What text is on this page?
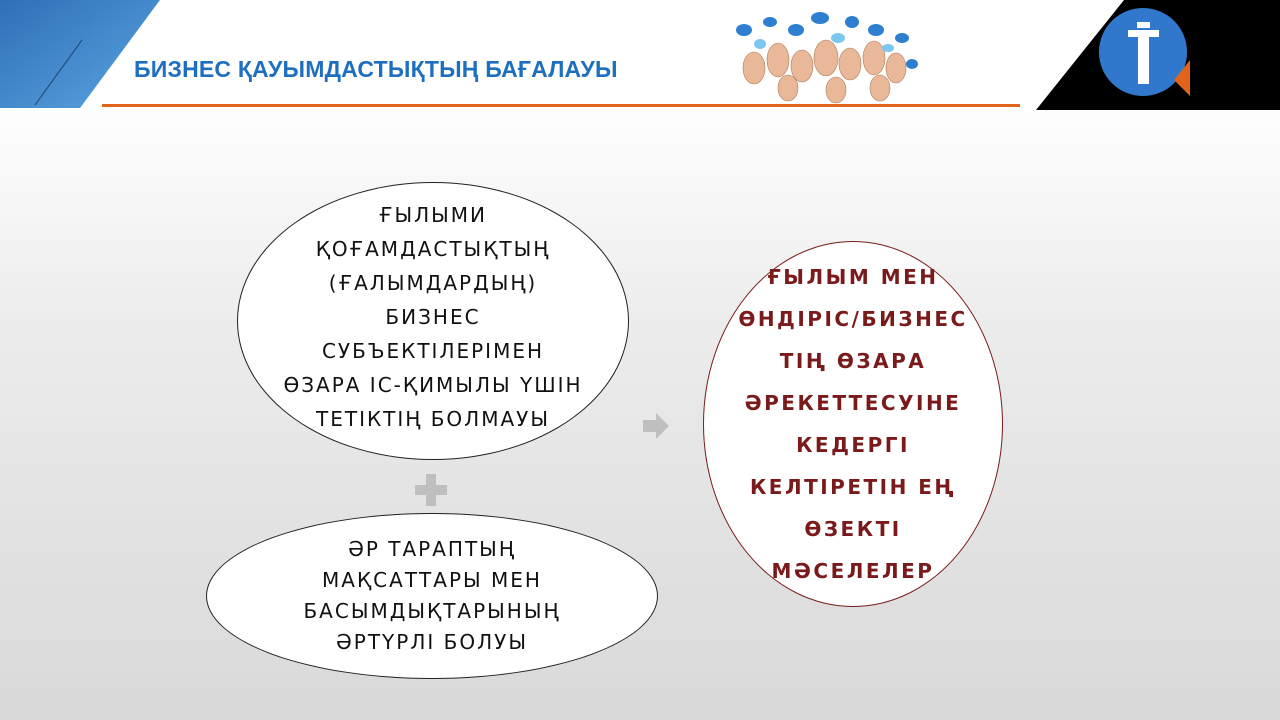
БИЗНЕС ҚАУЫМДАСТЫҚТЫҢ БАҒАЛАУЫ
ҒЫЛЫМИ ҚОҒАМДАСТЫҚТЫҢ (ҒАЛЫМДАРДЫҢ) БИЗНЕС СУБЪЕКТІЛЕРІМЕН ӨЗАРА ІС-ҚИМЫЛЫ ҮШІН ТЕТІКТІҢ БОЛМАУЫ
ӘР ТАРАПТЫҢ МАҚСАТТАРЫ МЕН БАСЫМДЫҚТАРЫНЫҢ ӘРТҮРЛІ БОЛУЫ
ҒЫЛЫМ МЕН ӨНДІРІС/БИЗНЕС ТІҢ ӨЗАРА ӘРЕКЕТТЕСУІНЕ КЕДЕРГІ КЕЛТІРЕТІН ЕҢ ӨЗЕКТІ МӘСЕЛЕЛЕР
